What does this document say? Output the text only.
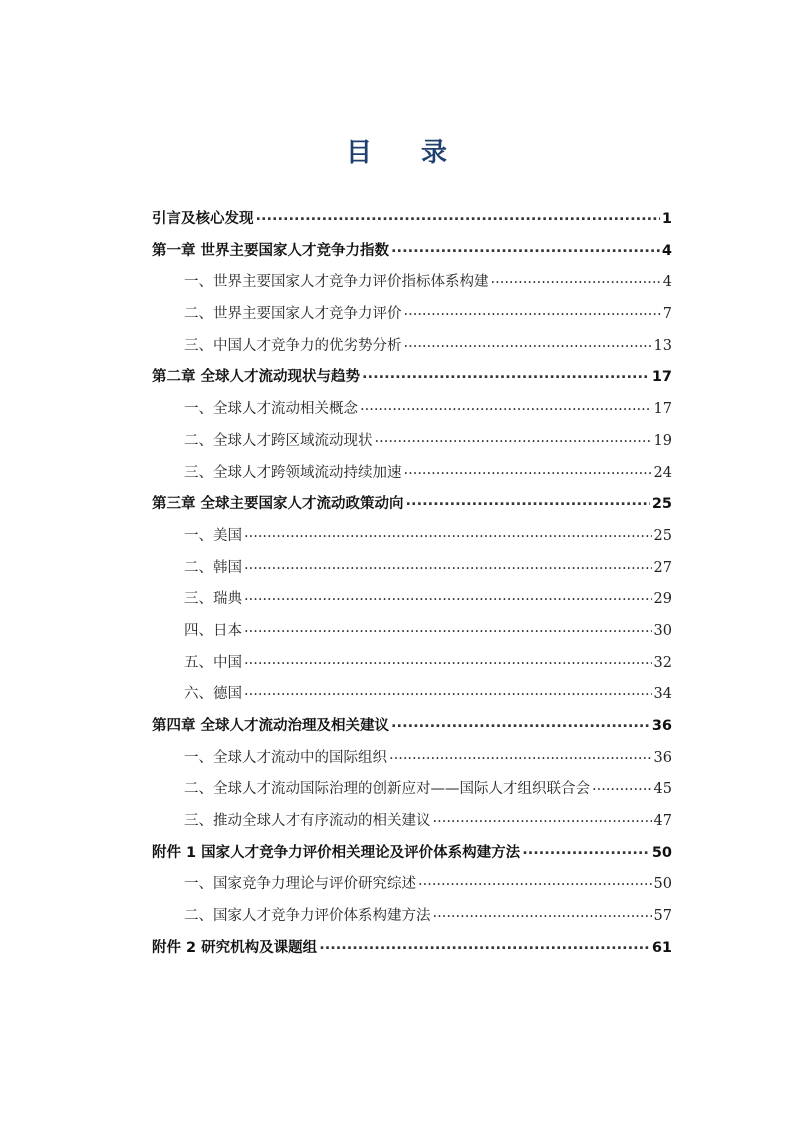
目 录
引言及核心发现 .....	1
第一章 世界主要国家人才竞争力指数 .....	4
一、世界主要国家人才竞争力评价指标体系构建 .....	4
二、世界主要国家人才竞争力评价 .....	7
三、中国人才竞争力的优劣势分析 .....	13
第二章 全球人才流动现状与趋势 .....	17
一、全球人才流动相关概念 .....	17
二、全球人才跨区域流动现状 .....	19
三、全球人才跨领域流动持续加速 .....	24
第三章 全球主要国家人才流动政策动向 .....	25
一、美国 .....	25
二、韩国 .....	27
三、瑞典 .....	29
四、日本 .....	30
五、中国 .....	32
六、德国 .....	34
第四章 全球人才流动治理及相关建议 .....	36
一、全球人才流动中的国际组织 .....	36
二、全球人才流动国际治理的创新应对——国际人才组织联合会 .....	45
三、推动全球人才有序流动的相关建议 .....	47
附件 1 国家人才竞争力评价相关理论及评价体系构建方法 .....	50
一、国家竞争力理论与评价研究综述 .....	50
二、国家人才竞争力评价体系构建方法 .....	57
附件 2 研究机构及课题组 .....	61
